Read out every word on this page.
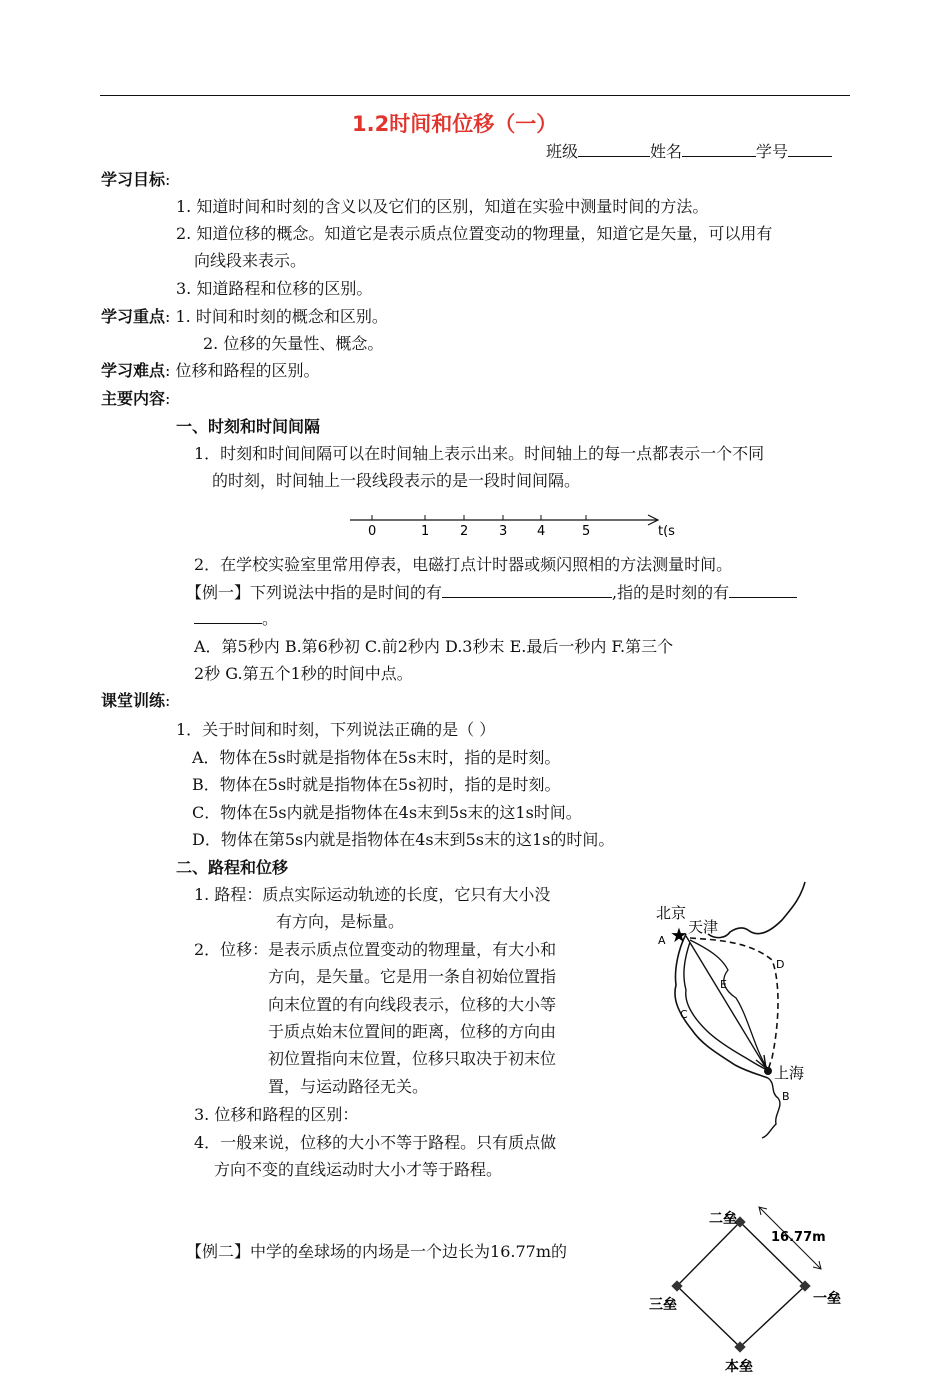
1.2时间和位移（一）
班级	姓名	学号
学习目标:
1. 知道时间和时刻的含义以及它们的区别，知道在实验中测量时间的方法。
2. 知道位移的概念。知道它是表示质点位置变动的物理量，知道它是矢量，可以用有
向线段来表示。
3. 知道路程和位移的区别。
学习重点: 1. 时间和时刻的概念和区别。
2. 位移的矢量性、概念。
学习难点: 位移和路程的区别。
主要内容:
一、时刻和时间间隔
1．时刻和时间间隔可以在时间轴上表示出来。时间轴上的每一点都表示一个不同
的时刻，时间轴上一段线段表示的是一段时间间隔。
0	1 2 3 4	5	t(s
2．在学校实验室里常用停表，电磁打点计时器或频闪照相的方法测量时间。
【例一】下列说法中指的是时间的有	,指的是时刻的有
。
A．第5秒内 B.第6秒初 C.前2秒内 D.3秒末 E.最后一秒内 F.第三个
2秒 G.第五个1秒的时间中点。
课堂训练:
1．关于时间和时刻，下列说法正确的是（ ）
A．物体在5s时就是指物体在5s末时，指的是时刻。
B．物体在5s时就是指物体在5s初时，指的是时刻。
C．物体在5s内就是指物体在4s末到5s末的这1s时间。
D．物体在第5s内就是指物体在4s末到5s末的这1s的时间。
二、路程和位移
1. 路程：质点实际运动轨迹的长度，它只有大小没
有方向，是标量。
2．位移：是表示质点位置变动的物理量，有大小和
方向，是矢量。它是用一条自初始位置指
向末位置的有向线段表示，位移的大小等
于质点始末位置间的距离，位移的方向由
初位置指向末位置，位移只取决于初末位
置，与运动路径无关。
3. 位移和路程的区别：
4．一般来说，位移的大小不等于路程。只有质点做
方向不变的直线运动时大小才等于路程。
★
北京
天津
上海
A
B
C
D
E
【例二】中学的垒球场的内场是一个边长为16.77m的
二垒
16.77m
一垒
三垒
本垒
